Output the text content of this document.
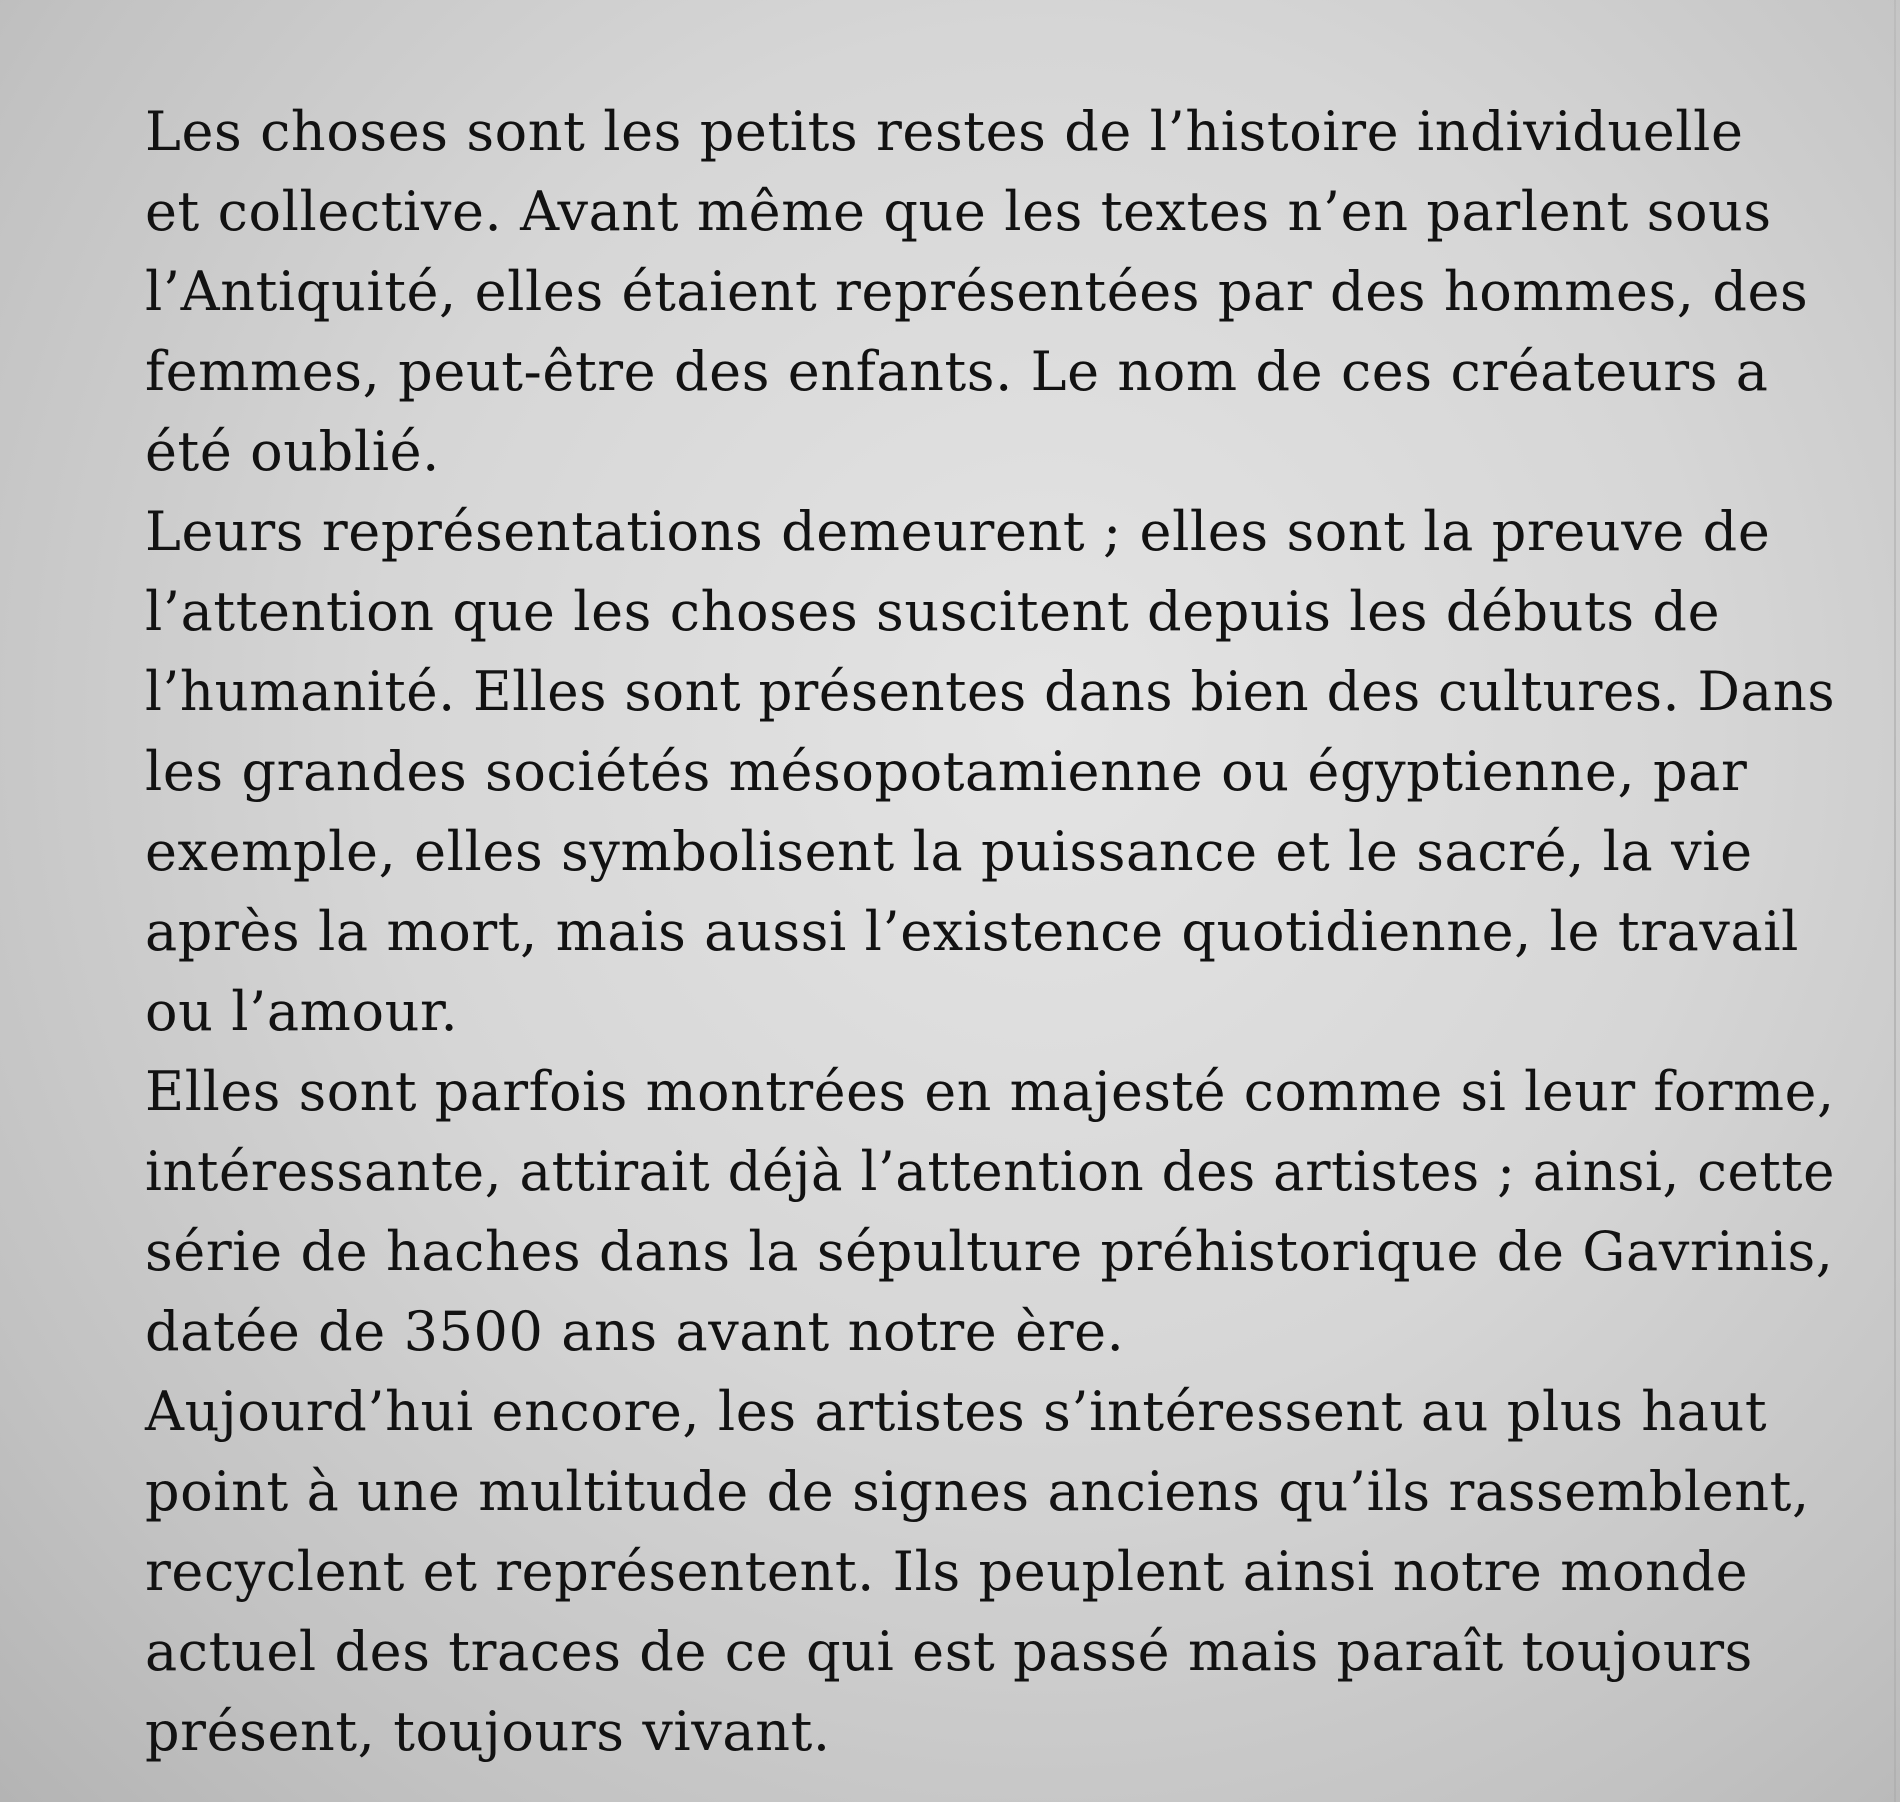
Les choses sont les petits restes de l’histoire individuelle
et collective. Avant même que les textes n’en parlent sous
l’Antiquité, elles étaient représentées par des hommes, des
femmes, peut-être des enfants. Le nom de ces créateurs a
été oublié.
Leurs représentations demeurent ; elles sont la preuve de
l’attention que les choses suscitent depuis les débuts de
l’humanité. Elles sont présentes dans bien des cultures. Dans
les grandes sociétés mésopotamienne ou égyptienne, par
exemple, elles symbolisent la puissance et le sacré, la vie
après la mort, mais aussi l’existence quotidienne, le travail
ou l’amour.
Elles sont parfois montrées en majesté comme si leur forme,
intéressante, attirait déjà l’attention des artistes ; ainsi, cette
série de haches dans la sépulture préhistorique de Gavrinis,
datée de 3500 ans avant notre ère.
Aujourd’hui encore, les artistes s’intéressent au plus haut
point à une multitude de signes anciens qu’ils rassemblent,
recyclent et représentent. Ils peuplent ainsi notre monde
actuel des traces de ce qui est passé mais paraît toujours
présent, toujours vivant.
